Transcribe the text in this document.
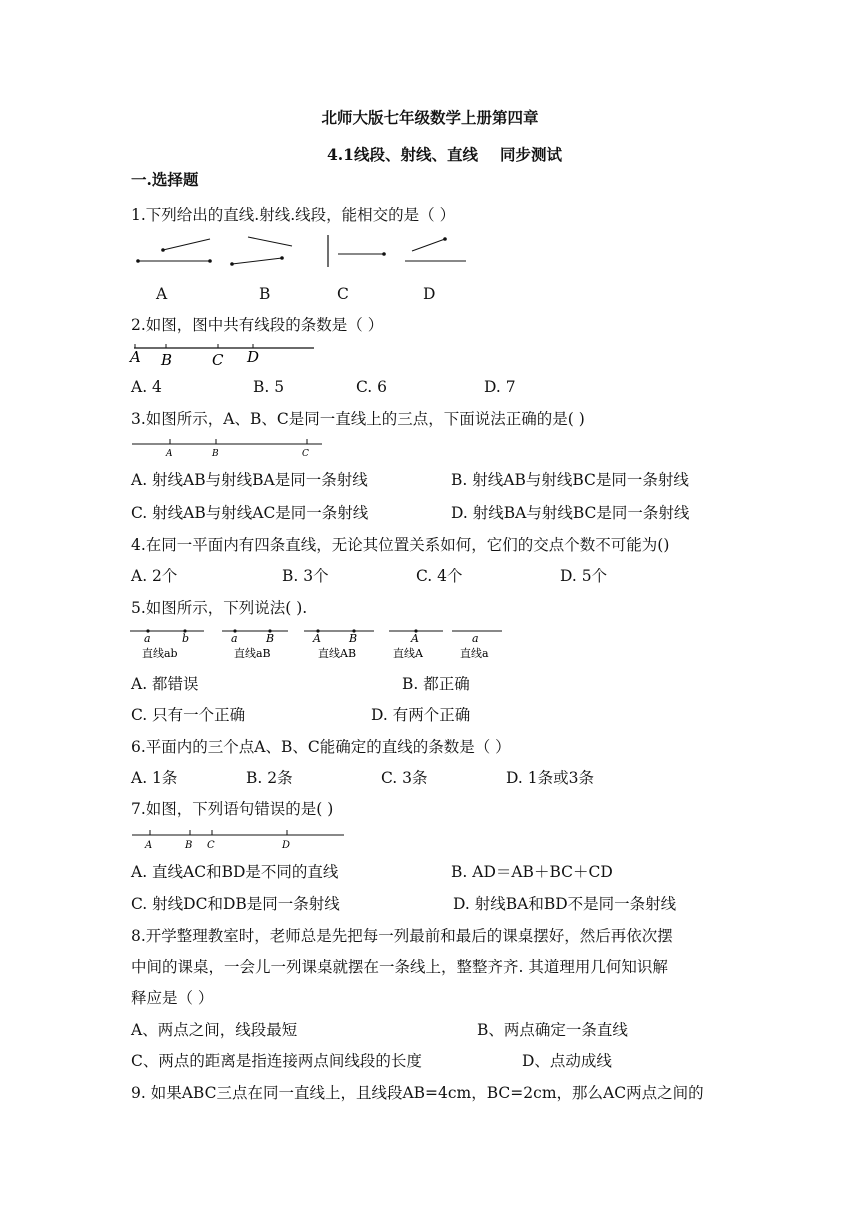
北师大版七年级数学上册第四章
4.1线段、射线、直线 同步测试
一.选择题
1.下列给出的直线.射线.线段，能相交的是（ ）
A	B	C	D
2.如图，图中共有线段的条数是（ ）
A B	C D
A. 4	B. 5	C. 6	D. 7
3.如图所示，A、B、C是同一直线上的三点，下面说法正确的是( )
A	B	C
A. 射线AB与射线BA是同一条射线	B. 射线AB与射线BC是同一条射线
C. 射线AB与射线AC是同一条射线	D. 射线BA与射线BC是同一条射线
4.在同一平面内有四条直线，无论其位置关系如何，它们的交点个数不可能为()
A. 2个	B. 3个	C. 4个	D. 5个
5.如图所示，下列说法( ).
a	b
直线ab
a	B
直线aB
A	B
直线AB
A
直线A
a
直线a
A. 都错误	B. 都正确
C. 只有一个正确	D. 有两个正确
6.平面内的三个点A、B、C能确定的直线的条数是（ ）
A. 1条	B. 2条	C. 3条	D. 1条或3条
7.如图，下列语句错误的是( )
A	B C	D
A. 直线AC和BD是不同的直线	B. AD＝AB＋BC＋CD
C. 射线DC和DB是同一条射线	D. 射线BA和BD不是同一条射线
8.开学整理教室时，老师总是先把每一列最前和最后的课桌摆好，然后再依次摆
中间的课桌，一会儿一列课桌就摆在一条线上，整整齐齐. 其道理用几何知识解
释应是（ ）
A、两点之间，线段最短	B、两点确定一条直线
C、两点的距离是指连接两点间线段的长度	D、点动成线
9. 如果ABC三点在同一直线上，且线段AB=4cm，BC=2cm，那么AC两点之间的
